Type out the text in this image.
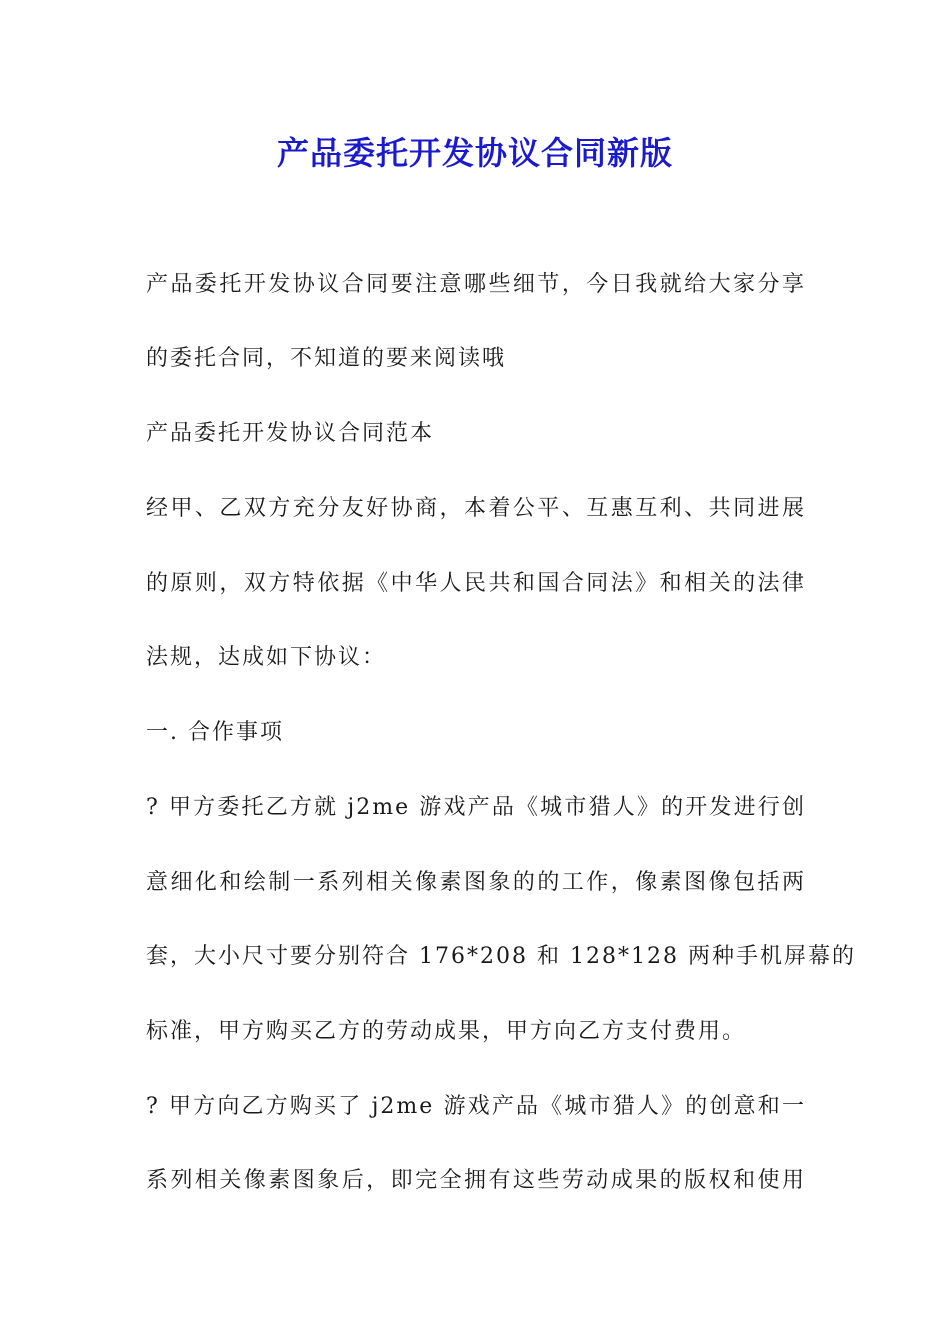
产品委托开发协议合同新版
产品委托开发协议合同要注意哪些细节，今日我就给大家分享
的委托合同，不知道的要来阅读哦
产品委托开发协议合同范本
经甲、乙双方充分友好协商，本着公平、互惠互利、共同进展
的原则，双方特依据《中华人民共和国合同法》和相关的法律
法规，达成如下协议：
一. 合作事项
? 甲方委托乙方就 j2me 游戏产品《城市猎人》的开发进行创
意细化和绘制一系列相关像素图象的的工作，像素图像包括两
套，大小尺寸要分别符合 176*208 和 128*128 两种手机屏幕的
标准，甲方购买乙方的劳动成果，甲方向乙方支付费用。
? 甲方向乙方购买了 j2me 游戏产品《城市猎人》的创意和一
系列相关像素图象后，即完全拥有这些劳动成果的版权和使用
